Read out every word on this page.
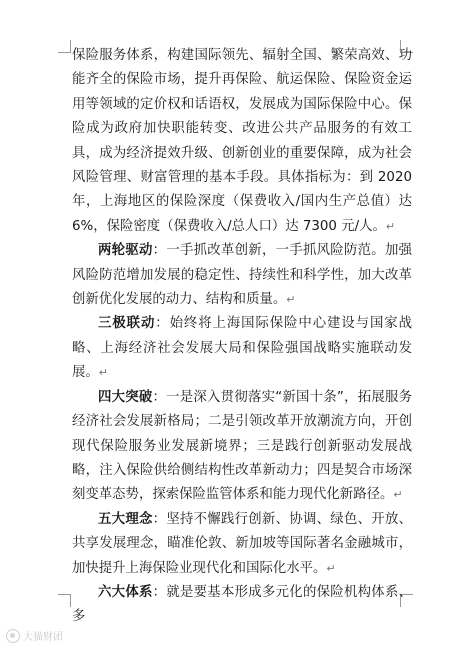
保险服务体系，构建国际领先、辐射全国、繁荣高效、功能齐全的保险市场，提升再保险、航运保险、保险资金运用等领域的定价权和话语权，发展成为国际保险中心。保险成为政府加快职能转变、改进公共产品服务的有效工具，成为经济提效升级、创新创业的重要保障，成为社会风险管理、财富管理的基本手段。具体指标为：到 2020 年，上海地区的保险深度（保费收入/国内生产总值）达 6%，保险密度（保费收入/总人口）达 7300 元/人。↵

两轮驱动：一手抓改革创新，一手抓风险防范。加强风险防范增加发展的稳定性、持续性和科学性，加大改革创新优化发展的动力、结构和质量。↵

三极联动：始终将上海国际保险中心建设与国家战略、上海经济社会发展大局和保险强国战略实施联动发展。↵

四大突破：一是深入贯彻落实“新国十条”，拓展服务经济社会发展新格局；二是引领改革开放潮流方向，开创现代保险服务业发展新境界；三是践行创新驱动发展战略，注入保险供给侧结构性改革新动力；四是契合市场深刻变革态势，探索保险监管体系和能力现代化新路径。↵

五大理念：坚持不懈践行创新、协调、绿色、开放、共享发展理念，瞄准伦敦、新加坡等国际著名金融城市，加快提升上海保险业现代化和国际化水平。↵

六大体系：就是要基本形成多元化的保险机构体系、多

大猫财团
